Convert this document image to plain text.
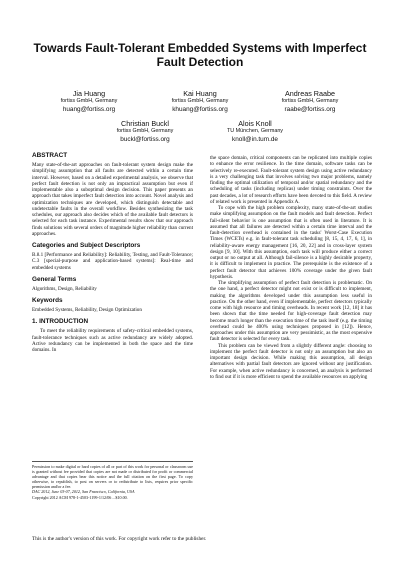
Towards Fault-Tolerant Embedded Systems with Imperfect Fault Detection
Jia Huang
fortiss GmbH, Germany
huang@fortiss.org
Kai Huang
fortiss GmbH, Germany
khuang@fortiss.org
Andreas Raabe
fortiss GmbH, Germany
raabe@fortiss.org
Christian Buckl
fortiss GmbH, Germany
buckl@fortiss.org
Alois Knoll
TU München, Germany
knoll@in.tum.de
ABSTRACT

Many state-of-the-art approaches on fault-tolerant system design make the simplifying assumption that all faults are detected within a certain time interval. However, based on a detailed experimental analysis, we observe that perfect fault detection is not only an impractical assumption but even if implementable also a suboptimal design decision. This paper presents an approach that takes imperfect fault detection into account. Novel analysis and optimization techniques are developed, which distinguish detectable and undetectable faults in the overall workflow. Besides synthesizing the task schedules, our approach also decides which of the available fault detectors is selected for each task instance. Experimental results show that our approach finds solutions with several orders of magnitude higher reliability than current approaches.

Categories and Subject Descriptors

B.8.1 [Performance and Reliability]: Reliability, Testing, and Fault-Tolerance; C.3 [special-purpose and application-based systems]: Real-time and embedded systems

General Terms

Algorithms, Design, Reliability

Keywords

Embedded Systems, Reliability, Design Optimization

1. INTRODUCTION

To meet the reliability requirements of safety-critical embedded systems, fault-tolerance techniques such as active redundancy are widely adopted. Active redundancy can be implemented in both the space and the time domains. In

Permission to make digital or hard copies of all or part of this work for personal or classroom use is granted without fee provided that copies are not made or distributed for profit or commercial advantage and that copies bear this notice and the full citation on the first page. To copy otherwise, to republish, to post on servers or to redistribute to lists, requires prior specific permission and/or a fee.
DAC 2012, June 03-07, 2012, San Francisco, California, USA
Copyright 2012 ACM 978-1-4503-1199-1/12/06 ...$10.00.

the space domain, critical components can be replicated into multiple copies to enhance the error resilience. In the time domain, software tasks can be selectively re-executed. Fault-tolerant system design using active redundancy is a very challenging task that involves solving two major problems, namely finding the optimal utilization of temporal and/or spatial redundancy and the scheduling of tasks (including replicas) under timing constraints. Over the past decades, a lot of research efforts have been devoted to this field. A review of related work is presented in Appendix A.

To cope with the high problem complexity, many state-of-the-art studies make simplifying assumption on the fault models and fault detection. Perfect fail-silent behavior is one assumption that is often used in literature. It is assumed that all failures are detected within a certain time interval and the fault-detection overhead is contained in the tasks' Worst-Case Execution Times (WCETs) e.g. in fault-tolerant task scheduling [8, 15, 4, 17, 6, 1], in reliability-aware energy management [16, 20, 22] and in cross-layer system design [9, 10]. With this assumption, each task will produce either a correct output or no output at all. Although fail-silence is a highly desirable property, it is difficult to implement in practice. The prerequisite is the existence of a perfect fault detector that achieves 100% coverage under the given fault hypothesis.

The simplifying assumption of perfect fault detection is problematic. On the one hand, a perfect detector might not exist or is difficult to implement, making the algorithms developed under this assumption less useful in practice. On the other hand, even if implementable, perfect detectors typically come with high resource and timing overheads. In recent work [12, 18] it has been shown that the time needed for high-coverage fault detection may become much longer than the execution time of the task itself (e.g. the timing overhead could be 400% using techniques proposed in [12]). Hence, approaches under this assumption are very pessimistic, as the most expensive fault detector is selected for every task.

This problem can be viewed from a slightly different angle: choosing to implement the perfect fault detector is not only an assumption but also an important design decision. While making this assumption, all design alternatives with partial fault detectors are ignored without any justification. For example, when active redundancy is concerned, an analysis is performed to find out if it is more efficient to spend the available resources on applying

This is the author's version of this work. For copyright work refer to the publisher.
